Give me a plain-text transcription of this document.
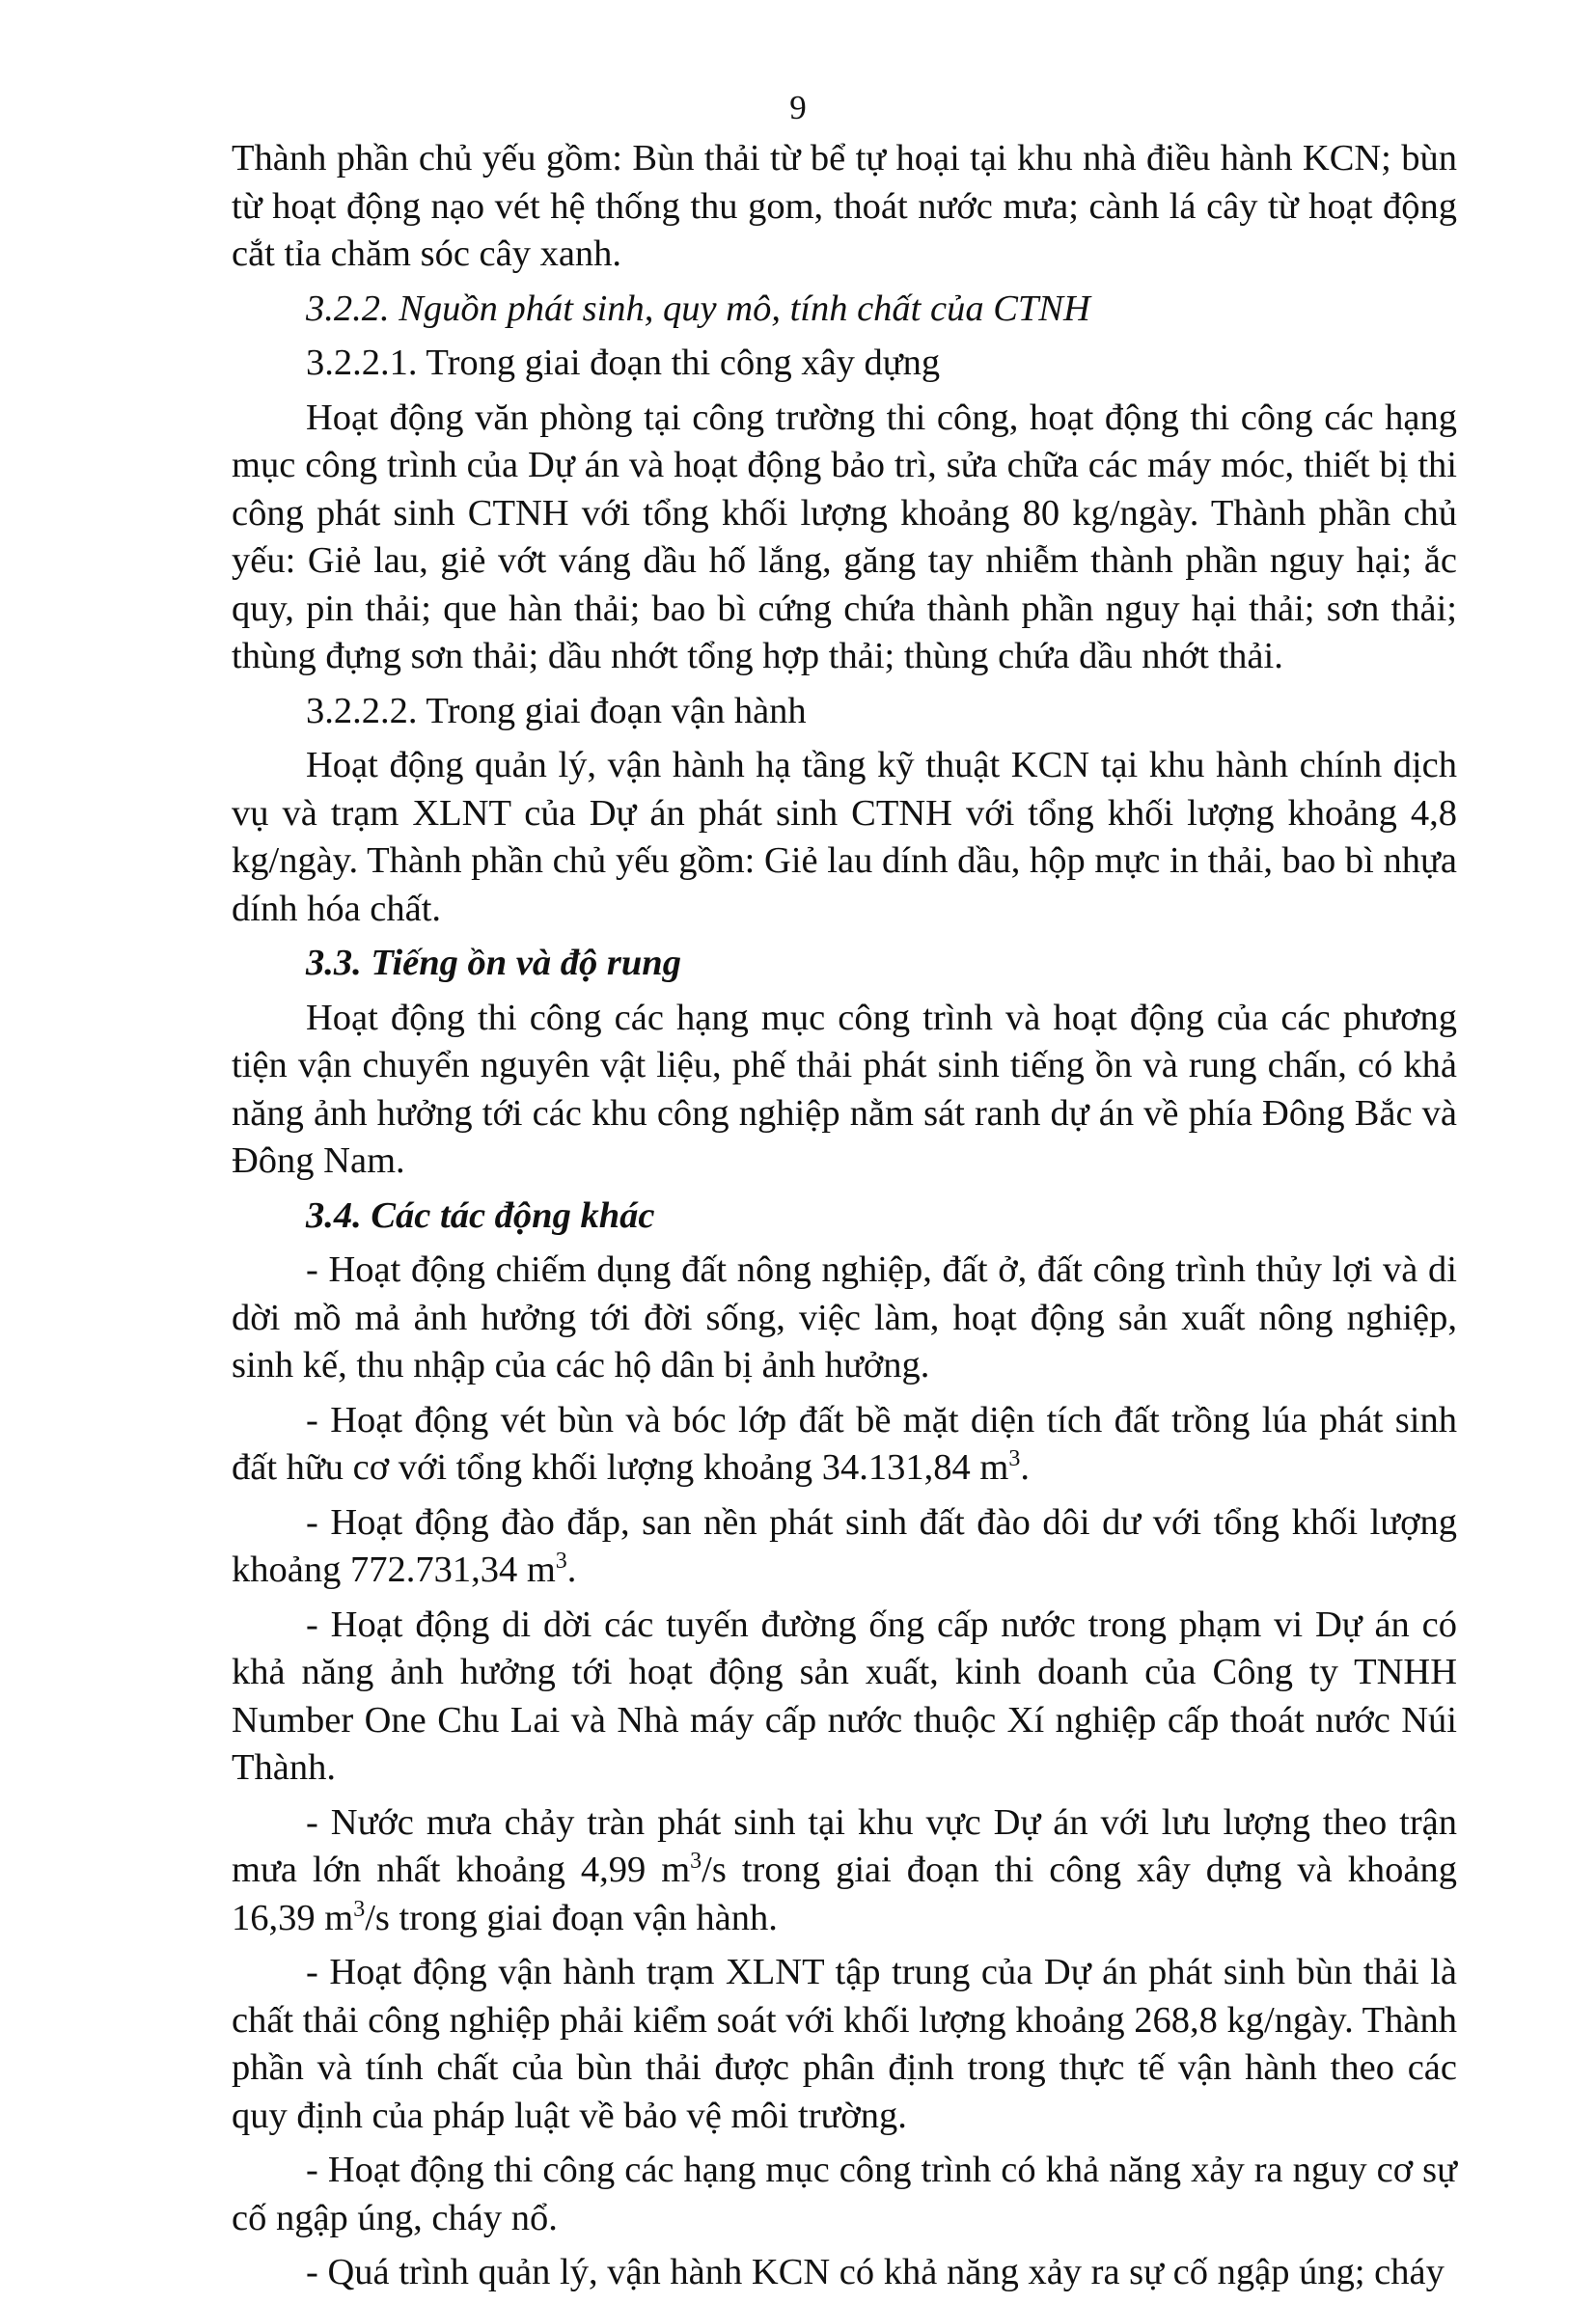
9

Thành phần chủ yếu gồm: Bùn thải từ bể tự hoại tại khu nhà điều hành KCN; bùn từ hoạt động nạo vét hệ thống thu gom, thoát nước mưa; cành lá cây từ hoạt động cắt tỉa chăm sóc cây xanh.

3.2.2. Nguồn phát sinh, quy mô, tính chất của CTNH

3.2.2.1. Trong giai đoạn thi công xây dựng

Hoạt động văn phòng tại công trường thi công, hoạt động thi công các hạng mục công trình của Dự án và hoạt động bảo trì, sửa chữa các máy móc, thiết bị thi công phát sinh CTNH với tổng khối lượng khoảng 80 kg/ngày. Thành phần chủ yếu: Giẻ lau, giẻ vớt váng dầu hố lắng, găng tay nhiễm thành phần nguy hại; ắc quy, pin thải; que hàn thải; bao bì cứng chứa thành phần nguy hại thải; sơn thải; thùng đựng sơn thải; dầu nhớt tổng hợp thải; thùng chứa dầu nhớt thải.

3.2.2.2. Trong giai đoạn vận hành

Hoạt động quản lý, vận hành hạ tầng kỹ thuật KCN tại khu hành chính dịch vụ và trạm XLNT của Dự án phát sinh CTNH với tổng khối lượng khoảng 4,8 kg/ngày. Thành phần chủ yếu gồm: Giẻ lau dính dầu, hộp mực in thải, bao bì nhựa dính hóa chất.

3.3. Tiếng ồn và độ rung

Hoạt động thi công các hạng mục công trình và hoạt động của các phương tiện vận chuyển nguyên vật liệu, phế thải phát sinh tiếng ồn và rung chấn, có khả năng ảnh hưởng tới các khu công nghiệp nằm sát ranh dự án về phía Đông Bắc và Đông Nam.

3.4. Các tác động khác

- Hoạt động chiếm dụng đất nông nghiệp, đất ở, đất công trình thủy lợi và di dời mồ mả ảnh hưởng tới đời sống, việc làm, hoạt động sản xuất nông nghiệp, sinh kế, thu nhập của các hộ dân bị ảnh hưởng.

- Hoạt động vét bùn và bóc lớp đất bề mặt diện tích đất trồng lúa phát sinh đất hữu cơ với tổng khối lượng khoảng 34.131,84 $m^3$.

- Hoạt động đào đắp, san nền phát sinh đất đào dôi dư với tổng khối lượng khoảng 772.731,34 $m^3$.

- Hoạt động di dời các tuyến đường ống cấp nước trong phạm vi Dự án có khả năng ảnh hưởng tới hoạt động sản xuất, kinh doanh của Công ty TNHH Number One Chu Lai và Nhà máy cấp nước thuộc Xí nghiệp cấp thoát nước Núi Thành.

- Nước mưa chảy tràn phát sinh tại khu vực Dự án với lưu lượng theo trận mưa lớn nhất khoảng 4,99 $m^3/s$ trong giai đoạn thi công xây dựng và khoảng 16,39 $m^3/s$ trong giai đoạn vận hành.

- Hoạt động vận hành trạm XLNT tập trung của Dự án phát sinh bùn thải là chất thải công nghiệp phải kiểm soát với khối lượng khoảng 268,8 kg/ngày. Thành phần và tính chất của bùn thải được phân định trong thực tế vận hành theo các quy định của pháp luật về bảo vệ môi trường.

- Hoạt động thi công các hạng mục công trình có khả năng xảy ra nguy cơ sự cố ngập úng, cháy nổ.

- Quá trình quản lý, vận hành KCN có khả năng xảy ra sự cố ngập úng; cháy
